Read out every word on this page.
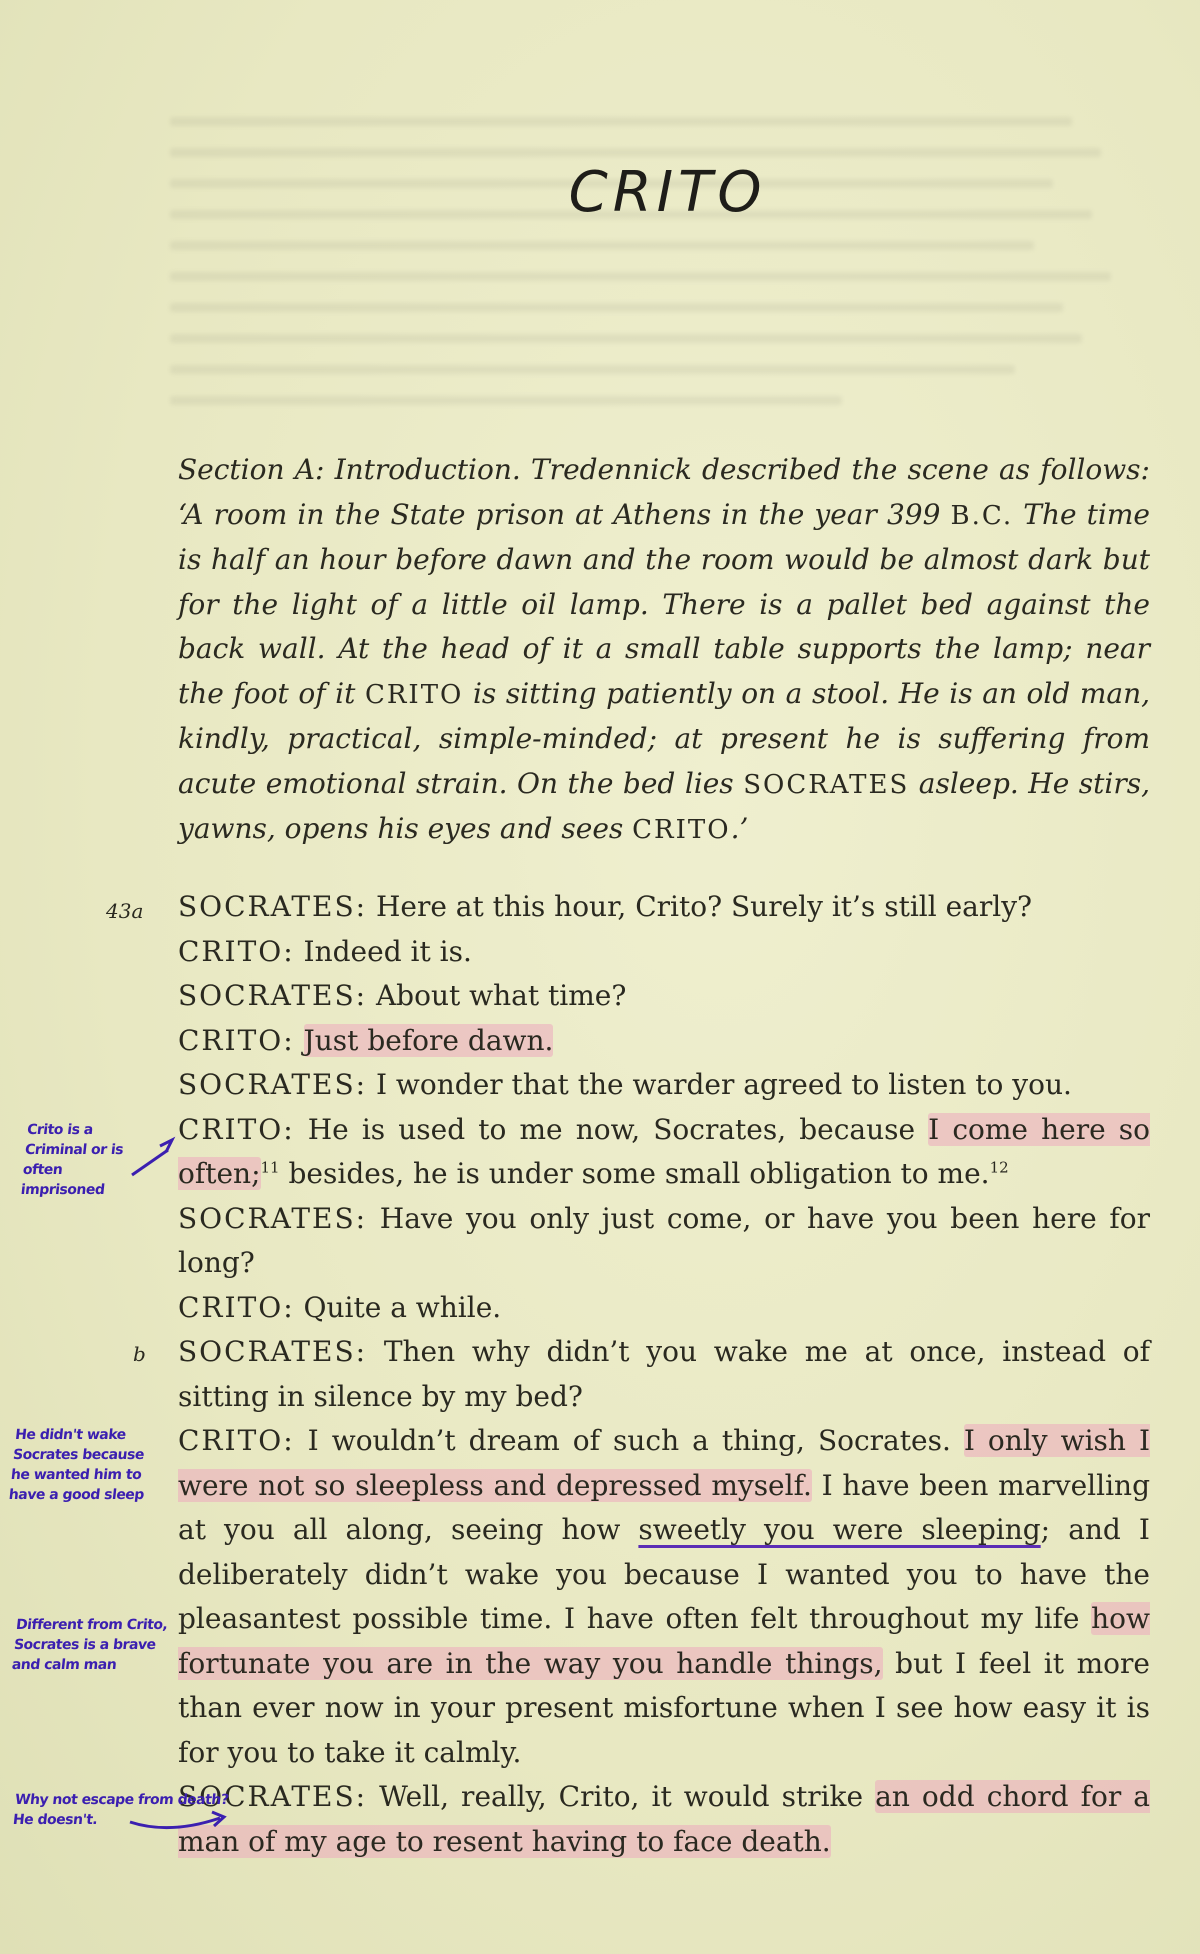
CRITO
Section A: Introduction. Tredennick described the scene as follows: ‘A room in the State prison at Athens in the year 399 B.C. The time is half an hour before dawn and the room would be almost dark but for the light of a little oil lamp. There is a pallet bed against the back wall. At the head of it a small table supports the lamp; near the foot of it CRITO is sitting patiently on a stool. He is an old man, kindly, practical, simple-minded; at present he is suffering from acute emotional strain. On the bed lies SOCRATES asleep. He stirs, yawns, opens his eyes and sees CRITO.’
43a
b
SOCRATES: Here at this hour, Crito? Surely it’s still early?
CRITO: Indeed it is.
SOCRATES: About what time?
CRITO: Just before dawn.
SOCRATES: I wonder that the warder agreed to listen to you.
CRITO: He is used to me now, Socrates, because I come here so often;$^{11}$ besides, he is under some small obligation to me.$^{12}$
SOCRATES: Have you only just come, or have you been here for long?
CRITO: Quite a while.
SOCRATES: Then why didn’t you wake me at once, instead of sitting in silence by my bed?
CRITO: I wouldn’t dream of such a thing, Socrates. I only wish I were not so sleepless and depressed myself. I have been marvelling at you all along, seeing how sweetly you were sleeping; and I deliberately didn’t wake you because I wanted you to have the pleasantest possible time. I have often felt throughout my life how fortunate you are in the way you handle things, but I feel it more than ever now in your present misfortune when I see how easy it is for you to take it calmly.
SOCRATES: Well, really, Crito, it would strike an odd chord for a man of my age to resent having to face death.
Crito is a Criminal or is often imprisoned
He didn't wake Socrates because he wanted him to have a good sleep
Different from Crito, Socrates is a brave and calm man
Why not escape from death? He doesn't.
